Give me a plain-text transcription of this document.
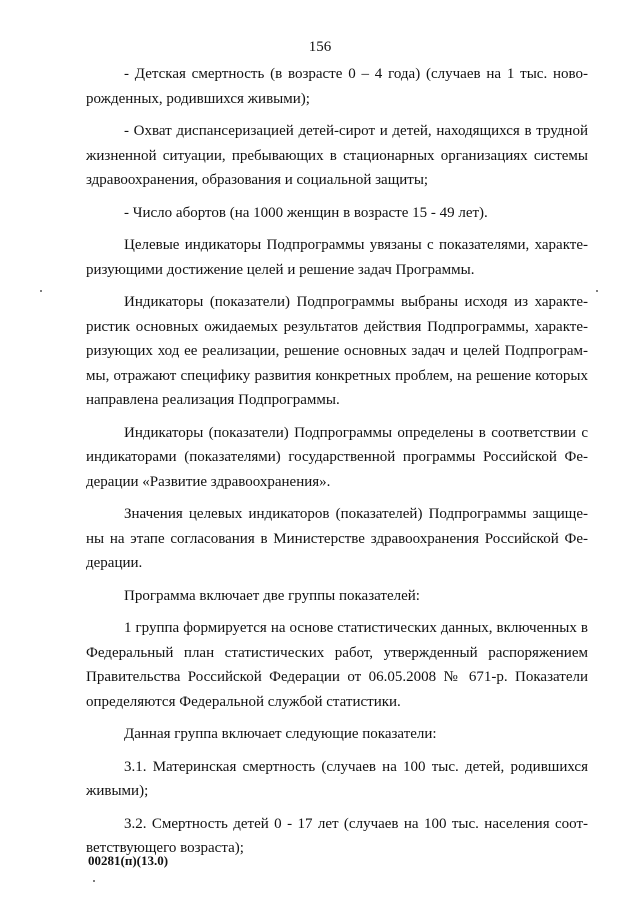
156
- Детская смертность (в возрасте 0 – 4 года) (случаев на 1 тыс. ново-
рожденных, родившихся живыми);
- Охват диспансеризацией детей-сирот и детей, находящихся в трудной
жизненной ситуации, пребывающих в стационарных организациях системы
здравоохранения, образования и социальной защиты;
- Число абортов (на 1000 женщин в возрасте 15 - 49 лет).
Целевые индикаторы Подпрограммы увязаны с показателями, характе-
ризующими достижение целей и решение задач Программы.
Индикаторы (показатели) Подпрограммы выбраны исходя из характе-
ристик основных ожидаемых результатов действия Подпрограммы, характе-
ризующих ход ее реализации, решение основных задач и целей Подпрограм-
мы, отражают специфику развития конкретных проблем, на решение которых
направлена реализация Подпрограммы.
Индикаторы (показатели) Подпрограммы определены в соответствии с
индикаторами (показателями) государственной программы Российской Фе-
дерации «Развитие здравоохранения».
Значения целевых индикаторов (показателей) Подпрограммы защище-
ны на этапе согласования в Министерстве здравоохранения Российской Фе-
дерации.
Программа включает две группы показателей:
1 группа формируется на основе статистических данных, включенных в
Федеральный план статистических работ, утвержденный распоряжением
Правительства Российской Федерации от 06.05.2008 № 671-р. Показатели
определяются Федеральной службой статистики.
Данная группа включает следующие показатели:
3.1. Материнская смертность (случаев на 100 тыс. детей, родившихся
живыми);
3.2. Смертность детей 0 - 17 лет (случаев на 100 тыс. населения соот-
ветствующего возраста);
00281(п)(13.0)
